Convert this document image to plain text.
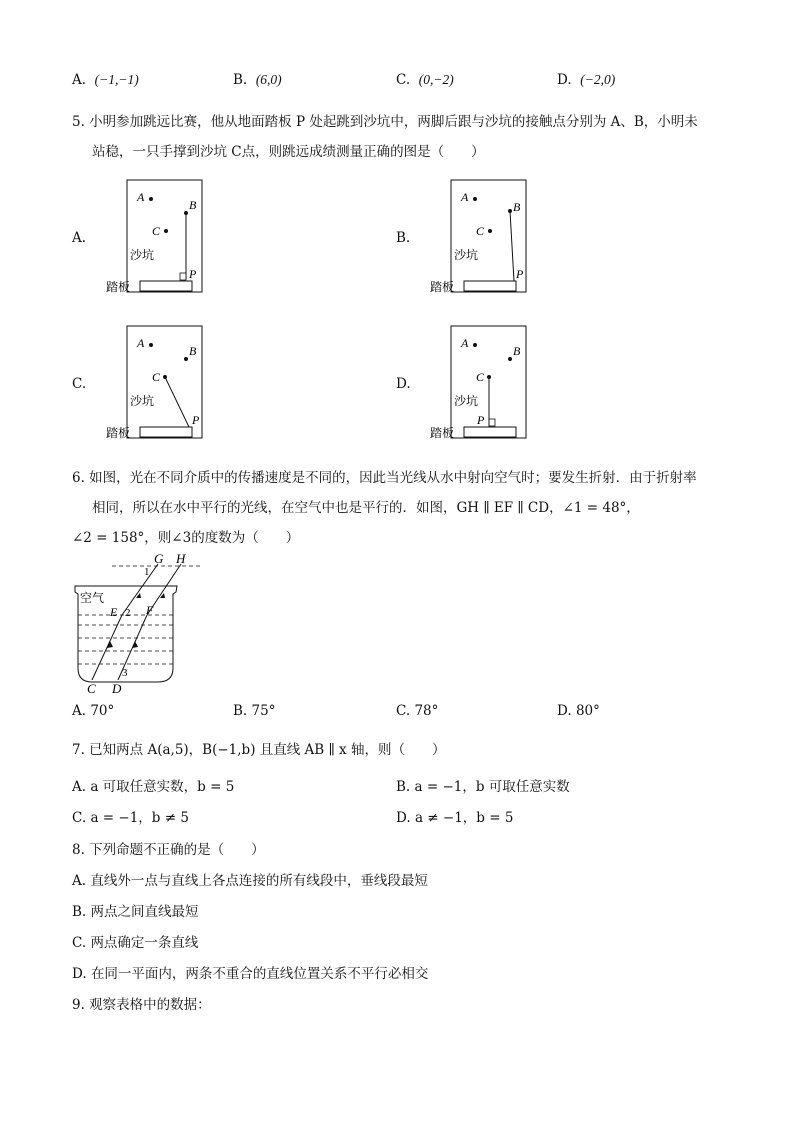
A. (−1,−1)	B. (6,0)	C. (0,−2)	D. (−2,0)
5. 小明参加跳远比赛，他从地面踏板 P 处起跳到沙坑中，两脚后跟与沙坑的接触点分别为 A、B，小明未
站稳，一只手撑到沙坑 C点，则跳远成绩测量正确的图是（　　）
A.	B.
C.	D.
A
B
C
沙坑
P
踏板
A
B
C
沙坑
P
踏板
A
B
C
沙坑
P
踏板
A
B
C
沙坑
P
踏板
6. 如图，光在不同介质中的传播速度是不同的，因此当光线从水中射向空气时；要发生折射．由于折射率
相同，所以在水中平行的光线，在空气中也是平行的．如图，GH ∥ EF ∥ CD，∠1 = 48°，
∠2 = 158°，则∠3的度数为（　　）
G H
空气
1
E 2 F
3
C D
A. 70°	B. 75°	C. 78°	D. 80°
7. 已知两点 A(a,5)，B(−1,b) 且直线 AB ∥ x 轴，则（　　）
A. a 可取任意实数，b = 5	B. a = −1，b 可取任意实数
C. a = −1，b ≠ 5	D. a ≠ −1，b = 5
8. 下列命题不正确的是（　　）
A. 直线外一点与直线上各点连接的所有线段中，垂线段最短
B. 两点之间直线最短
C. 两点确定一条直线
D. 在同一平面内，两条不重合的直线位置关系不平行必相交
9. 观察表格中的数据：
